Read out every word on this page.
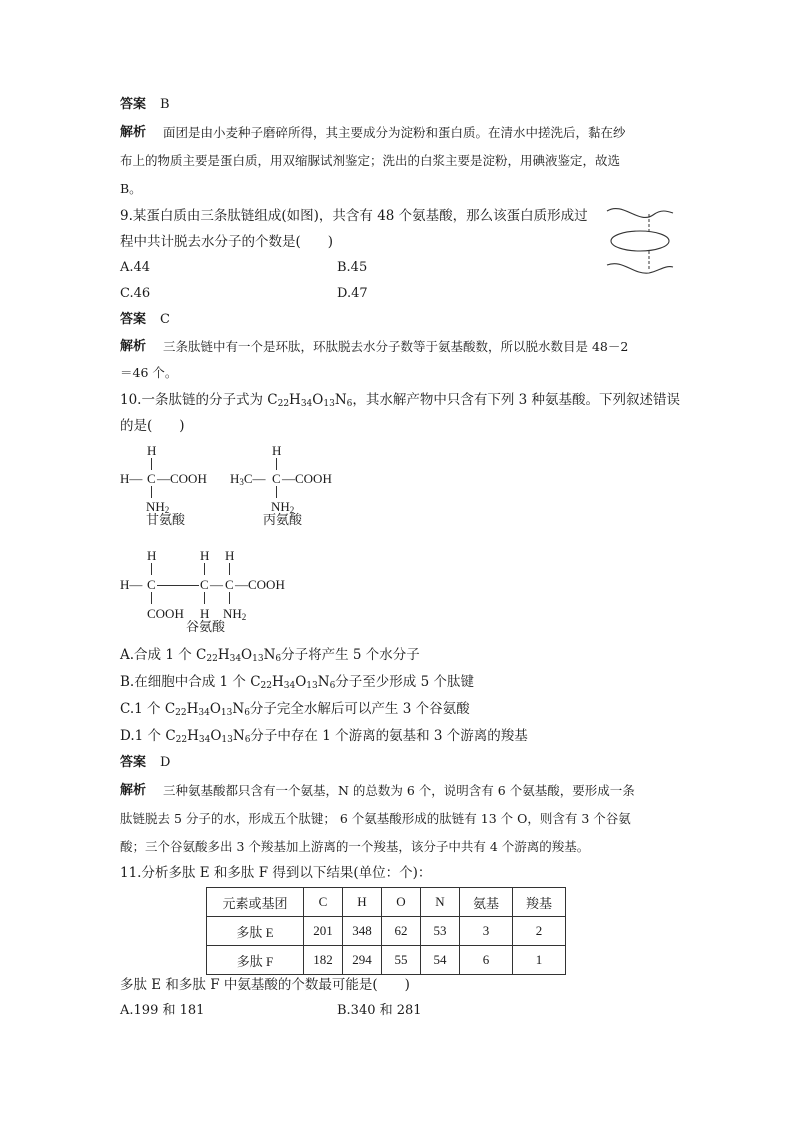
答案 B
解析 面团是由小麦种子磨碎所得，其主要成分为淀粉和蛋白质。在清水中搓洗后，黏在纱
布上的物质主要是蛋白质，用双缩脲试剂鉴定；洗出的白浆主要是淀粉，用碘液鉴定，故选
B。
9.某蛋白质由三条肽链组成(如图)，共含有 48 个氨基酸，那么该蛋白质形成过
程中共计脱去水分子的个数是(　　)
A.44	B.45
C.46	D.47
答案 C
解析 三条肽链中有一个是环肽，环肽脱去水分子数等于氨基酸数，所以脱水数目是 48－2
＝46 个。
10.一条肽链的分子式为 $C_{22}H_{34}O_{13}N_6$，其水解产物中只含有下列 3 种氨基酸。下列叙述错误
的是(　　)
H
H— C —COOH
$NH_2$
甘氨酸
H
$H_3C—$ C —COOH
$NH_2$
丙氨酸
H	H H
H— C	C — C —COOH
COOH H $NH_2$
谷氨酸
A.合成 1 个 $C_{22}H_{34}O_{13}N_6$分子将产生 5 个水分子
B.在细胞中合成 1 个 $C_{22}H_{34}O_{13}N_6$分子至少形成 5 个肽键
C.1 个 $C_{22}H_{34}O_{13}N_6$分子完全水解后可以产生 3 个谷氨酸
D.1 个 $C_{22}H_{34}O_{13}N_6$分子中存在 1 个游离的氨基和 3 个游离的羧基
答案 D
解析 三种氨基酸都只含有一个氨基，N 的总数为 6 个，说明含有 6 个氨基酸，要形成一条
肽链脱去 5 分子的水，形成五个肽键； 6 个氨基酸形成的肽链有 13 个 O，则含有 3 个谷氨
酸；三个谷氨酸多出 3 个羧基加上游离的一个羧基，该分子中共有 4 个游离的羧基。
11.分析多肽 E 和多肽 F 得到以下结果(单位：个)：
元素或基团	C	H	O	N	氨基	羧基
多肽 E	201	348	62	53	3	2
多肽 F	182	294	55	54	6	1
多肽 E 和多肽 F 中氨基酸的个数最可能是(　　)
A.199 和 181	B.340 和 281
